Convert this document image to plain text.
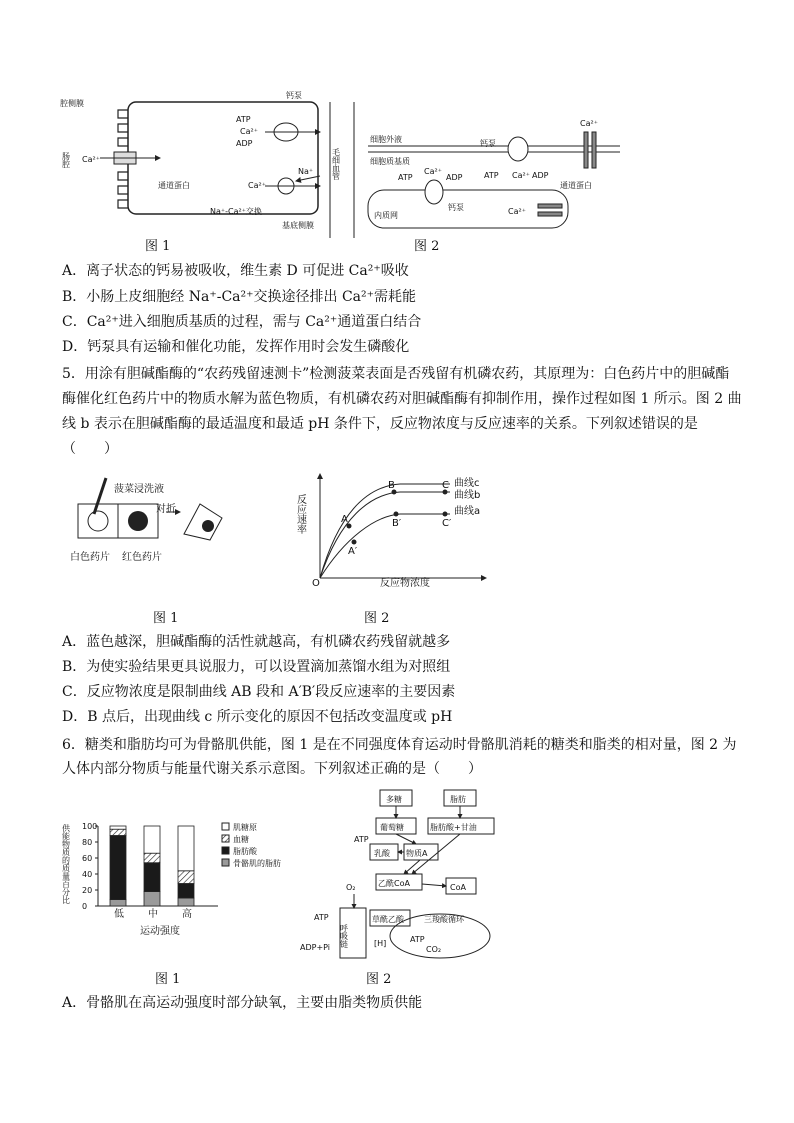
腔侧膜
肠腔 Ca²⁺
通道蛋白
钙泵
ATP
Ca²⁺
ADP
Ca²⁺
Na⁺
Na⁺-Ca²⁺交换
基底侧膜
毛细血管
细胞外液
细胞质基质
钙泵
ATP Ca²⁺ ADP
ATP
Ca²⁺
ADP
钙泵
内质网
Ca²⁺
通道蛋白
Ca²⁺
图 1	图 2
A．离子状态的钙易被吸收，维生素 D 可促进 Ca²⁺吸收
B．小肠上皮细胞经 Na⁺-Ca²⁺交换途径排出 Ca²⁺需耗能
C．Ca²⁺进入细胞质基质的过程，需与 Ca²⁺通道蛋白结合
D．钙泵具有运输和催化功能，发挥作用时会发生磷酸化
5．用涂有胆碱酯酶的“农药残留速测卡”检测菠菜表面是否残留有机磷农药，其原理为：白色药片中的胆碱酯酶催化红色药片中的物质水解为蓝色物质，有机磷农药对胆碱酯酶有抑制作用，操作过程如图 1 所示。图 2 曲线 b 表示在胆碱酯酶的最适温度和最适 pH 条件下，反应物浓度与反应速率的关系。下列叙述错误的是（　　）
菠菜浸洗液
对折
白色药片 红色药片
反应速率
反应物浓度
O
曲线c
曲线b
曲线a
A
B	C
A′
B′	C′
图 1	图 2
A．蓝色越深，胆碱酯酶的活性就越高，有机磷农药残留就越多
B．为使实验结果更具说服力，可以设置滴加蒸馏水组为对照组
C．反应物浓度是限制曲线 AB 段和 A′B′段反应速率的主要因素
D．B 点后，出现曲线 c 所示变化的原因不包括改变温度或 pH
6．糖类和脂肪均可为骨骼肌供能，图 1 是在不同强度体育运动时骨骼肌消耗的糖类和脂类的相对量，图 2 为人体内部分物质与能量代谢关系示意图。下列叙述正确的是（　　）
供能物质的质量百分比
0
20
40
60
80
100
低 中 高
肌糖原
血糖
脂肪酸
骨骼肌的脂肪
运动强度
多糖	脂肪
葡萄糖	脂肪酸+甘油
ATP
乳酸 物质A
乙酰CoA	CoA
O₂
呼吸链
草酰乙酸	三羧酸循环
[H]	ATP
CO₂
ATP
ADP+Pi
图 1	图 2
A．骨骼肌在高运动强度时部分缺氧，主要由脂类物质供能
